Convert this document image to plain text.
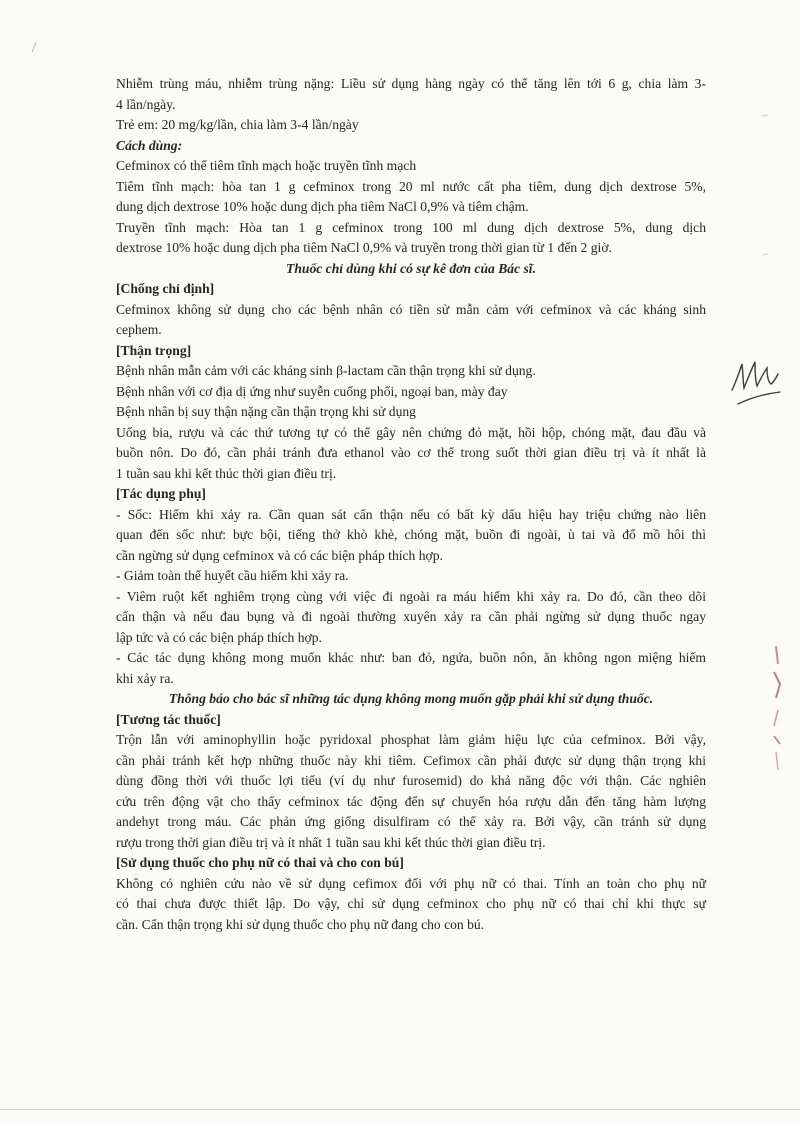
Nhiễm trùng máu, nhiễm trùng nặng: Liều sử dụng hàng ngày có thể tăng lên tới 6 g, chia làm 3-
4 lần/ngày.
Trẻ em: 20 mg/kg/lần, chia làm 3-4 lần/ngày
Cách dùng:
Cefminox có thể tiêm tĩnh mạch hoặc truyền tĩnh mạch
Tiêm tĩnh mạch: hòa tan 1 g cefminox trong 20 ml nước cất pha tiêm, dung dịch dextrose 5%,
dung dịch dextrose 10% hoặc dung dịch pha tiêm NaCl 0,9% và tiêm chậm.
Truyền tĩnh mạch: Hòa tan 1 g cefminox trong 100 ml dung dịch dextrose 5%, dung dịch
dextrose 10% hoặc dung dịch pha tiêm NaCl 0,9% và truyền trong thời gian từ 1 đến 2 giờ.
Thuốc chỉ dùng khi có sự kê đơn của Bác sĩ.
[Chống chỉ định]
Cefminox không sử dụng cho các bệnh nhân có tiền sử mẫn cảm với cefminox và các kháng sinh
cephem.
[Thận trọng]
Bệnh nhân mẫn cảm với các kháng sinh β-lactam cần thận trọng khi sử dụng.
Bệnh nhân với cơ địa dị ứng như suyễn cuống phổi, ngoại ban, mày đay
Bệnh nhân bị suy thận nặng cần thận trọng khi sử dụng
Uống bia, rượu và các thứ tương tự có thể gây nên chứng đỏ mặt, hồi hộp, chóng mặt, đau đầu và
buồn nôn. Do đó, cần phải tránh đưa ethanol vào cơ thể trong suốt thời gian điều trị và ít nhất là
1 tuần sau khi kết thúc thời gian điều trị.
[Tác dụng phụ]
- Sốc: Hiếm khi xảy ra. Cần quan sát cẩn thận nếu có bất kỳ dấu hiệu hay triệu chứng nào liên
quan đến sốc như: bực bội, tiếng thở khò khè, chóng mặt, buồn đi ngoài, ù tai và đổ mồ hôi thì
cần ngừng sử dụng cefminox và có các biện pháp thích hợp.
- Giảm toàn thể huyết cầu hiếm khi xảy ra.
- Viêm ruột kết nghiêm trọng cùng với việc đi ngoài ra máu hiếm khi xảy ra. Do đó, cần theo dõi
cẩn thận và nếu đau bụng và đi ngoài thường xuyên xảy ra cần phải ngừng sử dụng thuốc ngay
lập tức và có các biện pháp thích hợp.
- Các tác dụng không mong muốn khác như: ban đỏ, ngứa, buồn nôn, ăn không ngon miệng hiếm
khi xảy ra.
Thông báo cho bác sĩ những tác dụng không mong muốn gặp phải khi sử dụng thuốc.
[Tương tác thuốc]
Trộn lẫn với aminophyllin hoặc pyridoxal phosphat làm giảm hiệu lực của cefminox. Bởi vậy,
cần phải tránh kết hợp những thuốc này khi tiêm. Cefimox cần phải được sử dụng thận trọng khi
dùng đồng thời với thuốc lợi tiểu (ví dụ như furosemid) do khả năng độc với thận. Các nghiên
cứu trên động vật cho thấy cefminox tác động đến sự chuyển hóa rượu dẫn đến tăng hàm lượng
andehyt trong máu. Các phản ứng giống disulfiram có thể xảy ra. Bởi vậy, cần tránh sử dụng
rượu trong thời gian điều trị và ít nhất 1 tuần sau khi kết thúc thời gian điều trị.
[Sử dụng thuốc cho phụ nữ có thai và cho con bú]
Không có nghiên cứu nào về sử dụng cefimox đối với phụ nữ có thai. Tính an toàn cho phụ nữ
có thai chưa được thiết lập. Do vậy, chỉ sử dụng cefminox cho phụ nữ có thai chỉ khi thực sự
cần. Cẩn thận trọng khi sử dụng thuốc cho phụ nữ đang cho con bú.
